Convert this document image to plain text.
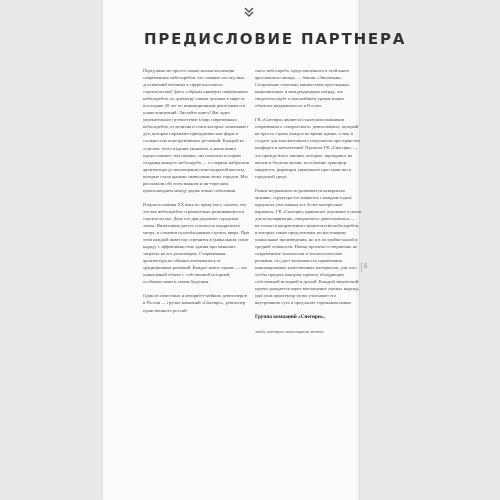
ПРЕДИСЛОВИЕ ПАРТНЕРА

Перед вами не просто самая полная коллекция современных небоскребов, это главные послед-ных достижений человека в сфере высотного строительства! Здесь собраны примеры современных небоскребов, по диаметру самым лучшим в мире за последние 20 лет по инновационным реше-ниям и в плане концепций. Листайте книгу! Вас ждет увлекательное путешествие в мир современных небоскребов, от величия и стати которых захватывает дух, которые поражают причудливостью форм и сложностью конструктивных ре-шений. Каждый из «героев» этого издания уникален, и наша книга предоставляет, тем именно, мы показали историю создания каждого небоскреба — от первых набросков архитектора до воплощения семи-надцатой высоты, которые стали яркими символами своих городов. Мы рассказали обо всем важном и ин-тересном, произошедшем между двумя этими событиями.

Вторая половина XX века по праву могу сказать, что это век небоскребов стремительно развивающегося строительства. День ото дня дорожает городская земля. Интенсивно растет стоимость квадратного метра, и становится необходимым строить вверх. При этом каждый инвестор стремится в уникальном стиле наряду с эффективностью здания при меньших затратах на его реализацию. Современная архитектура не обязана отказываться от традиционных решений. Каждое новое здание — это уникальный объект с собственной историей, особенностями и своим будущим.

Один из известных и авторитет-нейших девелоперов в России — группа компаний «Снегири», девелопер единственного россий-

ского небоскреба, представленного в этой книге ярославского автора, — башни «Эволюция». Сооружение отмечено множеством престижных национальных и международных наград, что свидетельствует о высочайшем уровне новых объектов недвижимости в России.

ГК «Снегири» является основ-ноположником современного «творческого» девелопмента, который не просто строит каждое ко-время здание, а еще и создает для взыскательного покупателя пространство комфорта и впечатлений. Проекты ГК «Снегири» — это прежде всего эмоции, которые, зарождаясь на вагоне и богатом жизни, постепенно трансфор-мируются, формируя уникальное пространство в городской среде.

Рынок недвижимости развивается невероятно активно, структура его меняется с каждым годом, предлагая участникам все более интересные варианты. ГК «Снегири» пришагает огромные усилия для популяризации «творческого девелопмента» — не только в направлении строительства небоскребов, в которых также представлены по-настоящему уникальные произведения, но и в застройке малой и средней этажности. Новые проекты со-вершенно на современные технологии и технологические решения, что дает возможность применения инновационных качественных материалов, для того чтобы придать каждому проекту обладающее собственной историей и душой. Каждый творческий проект рождается через воплощение смелых надежд, при этом архитектор чутко учитывает его внутреннюю суть и предлагает горожанам новые

Группа компаний «Снегири»,

люди, которые воплощают мечты

5
